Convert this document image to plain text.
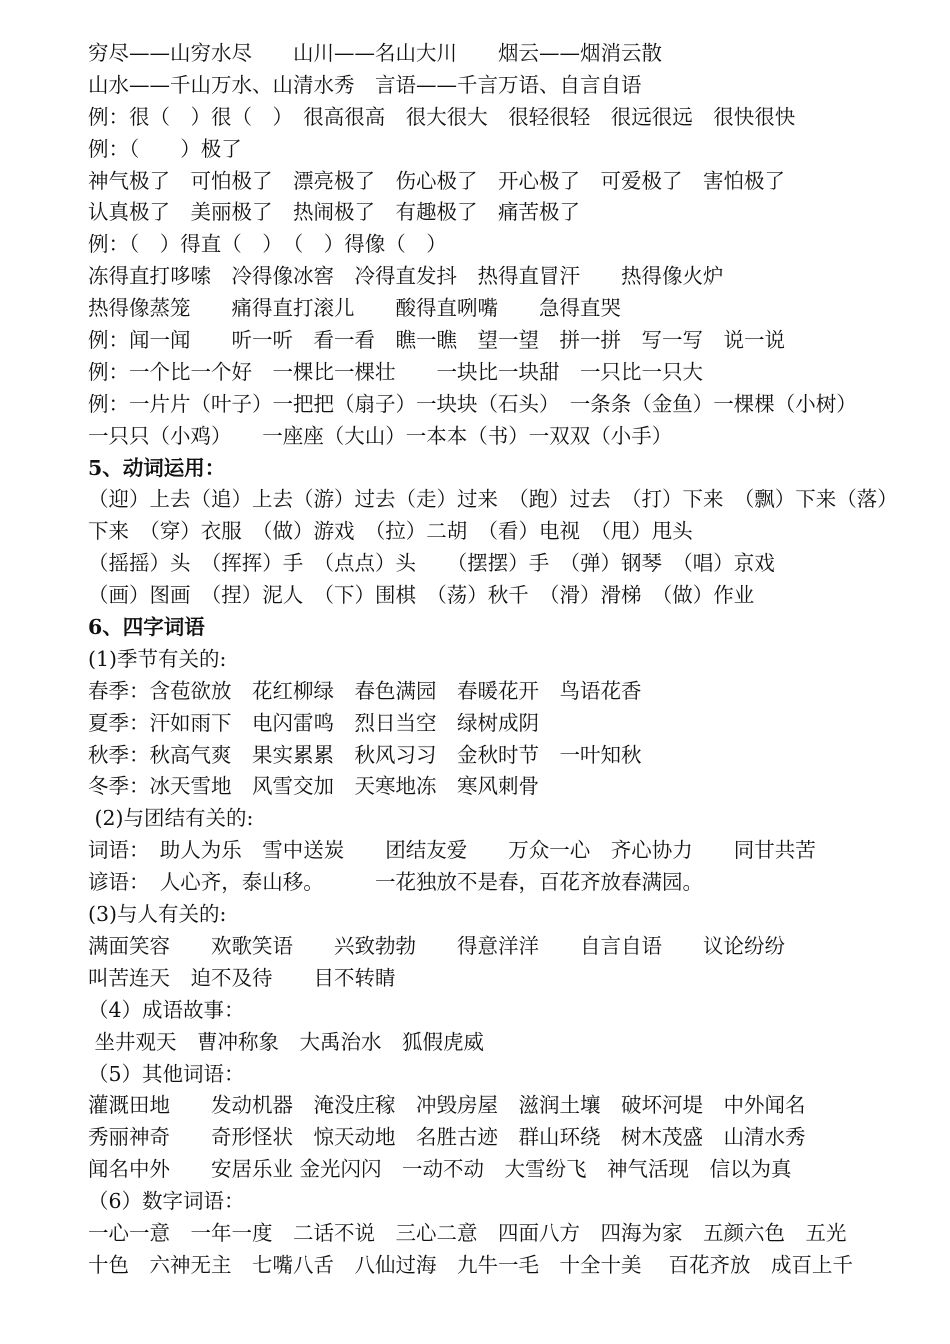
穷尽——山穷水尽　　山川——名山大川　　烟云——烟消云散
山水——千山万水、山清水秀　言语——千言万语、自言自语
例：很（　）很（　）　很高很高　很大很大　很轻很轻　很远很远　很快很快
例：（　　）极了
神气极了　可怕极了　漂亮极了　伤心极了　开心极了　可爱极了　害怕极了
认真极了　美丽极了　热闹极了　有趣极了　痛苦极了
例：（　）得直（　）　（　）得像（　）
冻得直打哆嗦　冷得像冰窖　冷得直发抖　热得直冒汗　　热得像火炉
热得像蒸笼　　痛得直打滚儿　　酸得直咧嘴　　急得直哭
例：闻一闻　　听一听　看一看　瞧一瞧　望一望　拼一拼　写一写　说一说
例：一个比一个好　一棵比一棵壮　　一块比一块甜　一只比一只大
例：一片片（叶子）一把把（扇子）一块块（石头）　一条条（金鱼）一棵棵（小树）
一只只（小鸡）　　一座座（大山）一本本（书）一双双（小手）
5、动词运用：
（迎）上去（追）上去（游）过去（走）过来　（跑）过去　（打）下来　（飘）下来（落）
下来　（穿）衣服　（做）游戏　（拉）二胡　（看）电视　（甩）甩头
（摇摇）头　（挥挥）手　（点点）头　　（摆摆）手　（弹）钢琴　（唱）京戏
（画）图画　（捏）泥人　（下）围棋　（荡）秋千　（滑）滑梯　（做）作业
6、四字词语
(1)季节有关的:
春季：含苞欲放　花红柳绿　春色满园　春暖花开　鸟语花香
夏季：汗如雨下　电闪雷鸣　烈日当空　绿树成阴
秋季：秋高气爽　果实累累　秋风习习　金秋时节　一叶知秋
冬季：冰天雪地　风雪交加　天寒地冻　寒风刺骨
(2)与团结有关的:
词语：　助人为乐　雪中送炭　　团结友爱　　万众一心　齐心协力　　同甘共苦
谚语：　人心齐，泰山移。　　　一花独放不是春，百花齐放春满园。
(3)与人有关的:
满面笑容　　欢歌笑语　　兴致勃勃　　得意洋洋　　自言自语　　议论纷纷
叫苦连天　迫不及待　　目不转睛
（4）成语故事：
坐井观天　曹冲称象　大禹治水　狐假虎威
（5）其他词语：
灌溉田地　　发动机器　淹没庄稼　冲毁房屋　滋润土壤　破坏河堤　中外闻名
秀丽神奇　　奇形怪状　惊天动地　名胜古迹　群山环绕　树木茂盛　山清水秀
闻名中外　　安居乐业 金光闪闪　一动不动　大雪纷飞　神气活现　信以为真
（6）数字词语：
一心一意　一年一度　二话不说　三心二意　四面八方　四海为家　五颜六色　五光
十色　六神无主　七嘴八舌　八仙过海　九牛一毛　十全十美　 百花齐放　成百上千
